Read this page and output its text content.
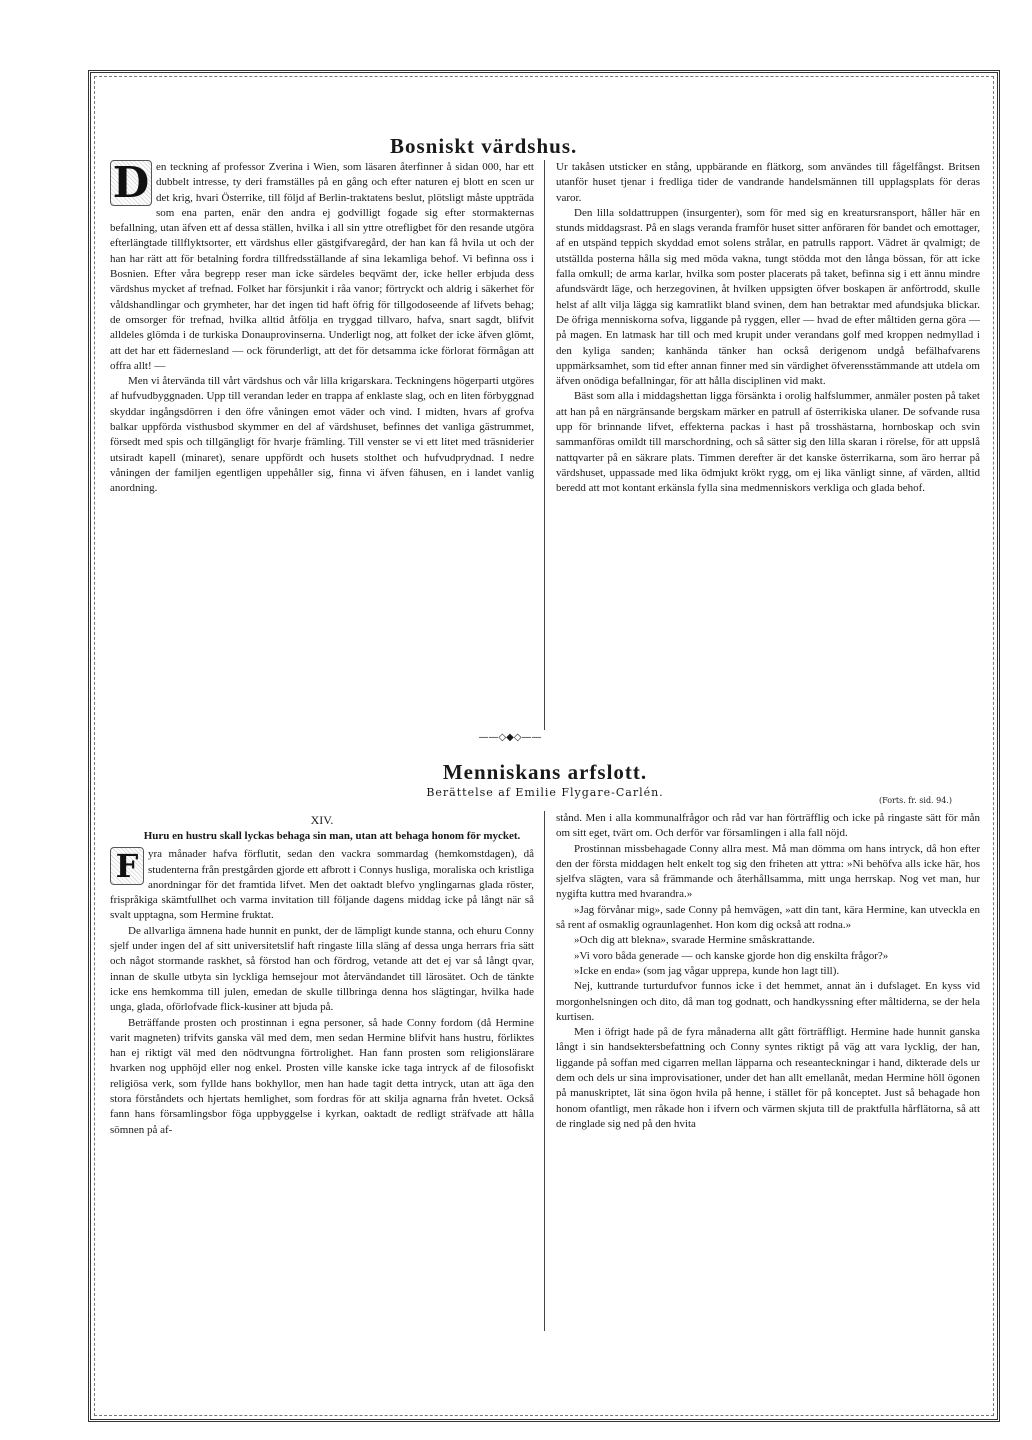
Bosniskt värdshus.
D en teckning af professor Zverina i Wien, som läsaren återfinner å sidan 000, har ett dubbelt intresse, ty deri framställes på en gång och efter naturen ej blott en scen ur det krig, hvari Österrike, till följd af Berlin-traktatens beslut, plötsligt måste uppträda som ena parten, enär den andra ej godvilligt fogade sig efter stormakternas befallning, utan äfven ett af dessa ställen, hvilka i all sin yttre otrefligbet för den resande utgöra efterlängtade tillflyktsorter, ett värdshus eller gästgifvaregård, der han kan få hvila ut och der han har rätt att för betalning fordra tillfredsställande af sina lekamliga behof. Vi befinna oss i Bosnien. Efter våra begrepp reser man icke särdeles beqvämt der, icke heller erbjuda dess värdshus mycket af trefnad. Folket har försjunkit i råa vanor; förtryckt och aldrig i säkerhet för våldshandlingar och grymheter, har det ingen tid haft öfrig för tillgodoseende af lifvets behag; de omsorger för trefnad, hvilka alltid åtfölja en tryggad tillvaro, hafva, snart sagdt, blifvit alldeles glömda i de turkiska Donauprovinserna. Underligt nog, att folket der icke äfven glömt, att det har ett fädernesland — ock förunderligt, att det för detsamma icke förlorat förmågan att offra allt! —

Men vi återvända till vårt värdshus och vår lilla krigarskara. Teckningens högerparti utgöres af hufvudbyggnaden. Upp till verandan leder en trappa af enklaste slag, och en liten förbyggnad skyddar ingångsdörren i den öfre våningen emot väder och vind. I midten, hvars af grofva balkar uppförda visthusbod skymmer en del af värdshuset, befinnes det vanliga gästrummet, försedt med spis och tillgängligt för hvarje främling. Till venster se vi ett litet med träsniderier utsiradt kapell (minaret), senare uppfördt och husets stolthet och hufvudprydnad. I nedre våningen der familjen egentligen uppehåller sig, finna vi äfven fähusen, en i landet vanlig anordning.

Ur takåsen utsticker en stång, uppbärande en flätkorg, som användes till fågelfångst. Britsen utanför huset tjenar i fredliga tider de vandrande handelsmännen till upplagsplats för deras varor.

Den lilla soldattruppen (insurgenter), som för med sig en kreatursransport, håller här en stunds middagsrast. På en slags veranda framför huset sitter anföraren för bandet och emottager, af en utspänd teppich skyddad emot solens strålar, en patrulls rapport. Vädret är qvalmigt; de utställda posterna hålla sig med möda vakna, tungt stödda mot den långa bössan, för att icke falla omkull; de arma karlar, hvilka som poster placerats på taket, befinna sig i ett ännu mindre afundsvärdt läge, och herzegovinen, åt hvilken uppsigten öfver boskapen är anförtrodd, skulle helst af allt vilja lägga sig kamratlikt bland svinen, dem han betraktar med afundsjuka blickar. De öfriga menniskorna sofva, liggande på ryggen, eller — hvad de efter måltiden gerna göra — på magen. En latmask har till och med krupit under verandans golf med kroppen nedmyllad i den kyliga sanden; kanhända tänker han också derigenom undgå befälhafvarens uppmärksamhet, som tid efter annan finner med sin värdighet öfverensstämmande att utdela om äfven onödiga befallningar, för att hålla disciplinen vid makt.

Bäst som alla i middagshettan ligga försänkta i orolig halfslummer, anmäler posten på taket att han på en närgränsande bergskam märker en patrull af österrikiska ulaner. De sofvande rusa upp för brinnande lifvet, effekterna packas i hast på trosshästarna, hornboskap och svin sammanföras omildt till marschordning, och så sätter sig den lilla skaran i rörelse, för att uppslå nattqvarter på en säkrare plats. Timmen derefter är det kanske österrikarna, som äro herrar på värdshuset, uppassade med lika ödmjukt krökt rygg, om ej lika vänligt sinne, af värden, alltid beredd att mot kontant erkänsla fylla sina medmenniskors verkliga och glada behof.

——◇◆◇——
Menniskans arfslott.
Berättelse af Emilie Flygare-Carlén.
(Forts. fr. sid. 94.)
XIV.
Huru en hustru skall lyckas behaga sin man, utan att behaga honom för mycket.
F yra månader hafva förflutit, sedan den vackra sommardag (hemkomstdagen), då studenterna från prestgården gjorde ett afbrott i Connys husliga, moraliska och kristliga anordningar för det framtida lifvet. Men det oaktadt blefvo ynglingarnas glada röster, frispråkiga skämtfullhet och varma invitation till följande dagens middag icke på långt när så svalt upptagna, som Hermine fruktat.

De allvarliga ämnena hade hunnit en punkt, der de lämpligt kunde stanna, och ehuru Conny sjelf under ingen del af sitt universitetslif haft ringaste lilla släng af dessa unga herrars fria sätt och något stormande raskhet, så förstod han och fördrog, vetande att det ej var så långt qvar, innan de skulle utbyta sin lyckliga hemsejour mot återvändandet till lärosätet. Och de tänkte icke ens hemkomma till julen, emedan de skulle tillbringa denna hos slägtingar, hvilka hade unga, glada, oförlofvade flick-kusiner att bjuda på.

Beträffande prosten och prostinnan i egna personer, så hade Conny fordom (då Hermine varit magneten) trifvits ganska väl med dem, men sedan Hermine blifvit hans hustru, förliktes han ej riktigt väl med den nödtvungna förtrolighet. Han fann prosten som religionslärare hvarken nog upphöjd eller nog enkel. Prosten ville kanske icke taga intryck af de filosofiskt religiösa verk, som fyllde hans bokhyllor, men han hade tagit detta intryck, utan att äga den stora förståndets och hjertats hemlighet, som fordras för att skilja agnarna från hvetet. Också fann hans församlingsbor föga uppbyggelse i kyrkan, oaktadt de redligt sträfvade att hålla sömnen på af-

stånd. Men i alla kommunalfrågor och råd var han förträfflig och icke på ringaste sätt för mån om sitt eget, tvärt om. Och derför var församlingen i alla fall nöjd.

Prostinnan missbehagade Conny allra mest. Må man dömma om hans intryck, då hon efter den der första middagen helt enkelt tog sig den friheten att yttra: »Ni behöfva alls icke här, hos sjelfva slägten, vara så främmande och återhållsamma, mitt unga herrskap. Nog vet man, hur nygifta kuttra med hvarandra.»

»Jag förvånar mig», sade Conny på hemvägen, »att din tant, kära Hermine, kan utveckla en så rent af osmaklig ograunlagenhet. Hon kom dig också att rodna.»

»Och dig att blekna», svarade Hermine småskrattande.

»Vi voro båda generade — och kanske gjorde hon dig enskilta frågor?»

»Icke en enda» (som jag vågar upprepa, kunde hon lagt till).

Nej, kuttrande turturdufvor funnos icke i det hemmet, annat än i dufslaget. En kyss vid morgonhelsningen och dito, då man tog godnatt, och handkyssning efter måltiderna, se der hela kurtisen.

Men i öfrigt hade på de fyra månaderna allt gått förträffligt. Hermine hade hunnit ganska långt i sin handsektersbefattning och Conny syntes riktigt på väg att vara lycklig, der han, liggande på soffan med cigarren mellan läpparna och reseanteckningar i hand, dikterade dels ur dem och dels ur sina improvisationer, under det han allt emellanåt, medan Hermine höll ögonen på manuskriptet, lät sina ögon hvila på henne, i stället för på konceptet. Just så behagade hon honom ofantligt, men råkade hon i ifvern och värmen skjuta till de praktfulla hårflätorna, så att de ringlade sig ned på den hvita
